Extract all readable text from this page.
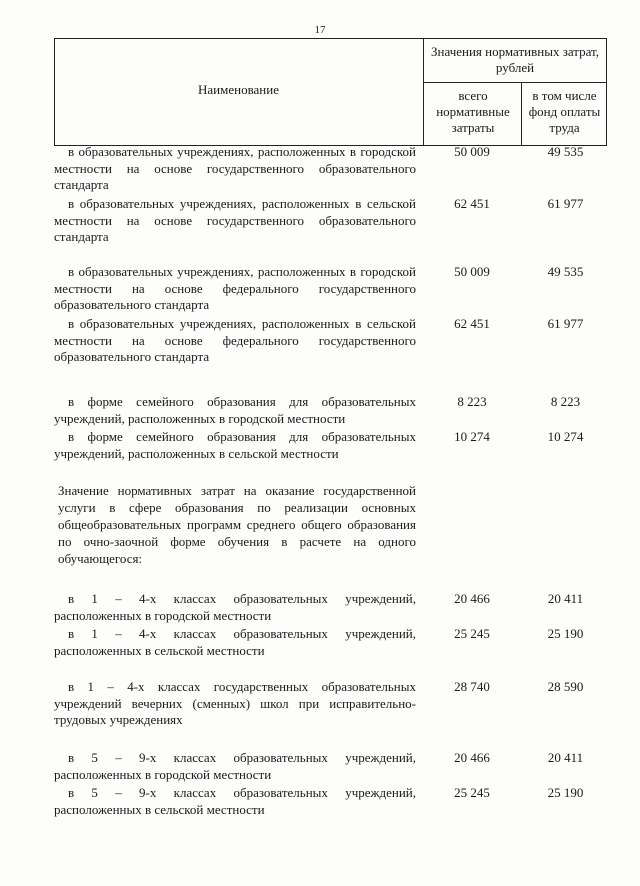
17
Наименование
Значения нормативных затрат, рублей
всего нормативные затраты
в том числе фонд оплаты труда
в образовательных учреждениях, расположенных в городской местности на основе государственного образовательного стандарта
50 009	49 535
в образовательных учреждениях, расположенных в сельской местности на основе государственного образовательного стандарта
62 451	61 977
в образовательных учреждениях, расположенных в городской местности на основе федерального государственного образовательного стандарта
50 009	49 535
в образовательных учреждениях, расположенных в сельской местности на основе федерального государственного образовательного стандарта
62 451	61 977
в форме семейного образования для образовательных учреждений, расположенных в городской местности
8 223	8 223
в форме семейного образования для образовательных учреждений, расположенных в сельской местности
10 274	10 274
Значение нормативных затрат на оказание государственной услуги в сфере образования по реализации основных общеобразовательных программ среднего общего образования по очно-заочной форме обучения в расчете на одного обучающегося:
в 1 – 4-х классах образовательных учреждений, расположенных в городской местности
20 466	20 411
в 1 – 4-х классах образовательных учреждений, расположенных в сельской местности
25 245	25 190
в 1 – 4-х классах государственных образовательных учреждений вечерних (сменных) школ при исправительно-трудовых учреждениях
28 740	28 590
в 5 – 9-х классах образовательных учреждений, расположенных в городской местности
20 466	20 411
в 5 – 9-х классах образовательных учреждений, расположенных в сельской местности
25 245	25 190
